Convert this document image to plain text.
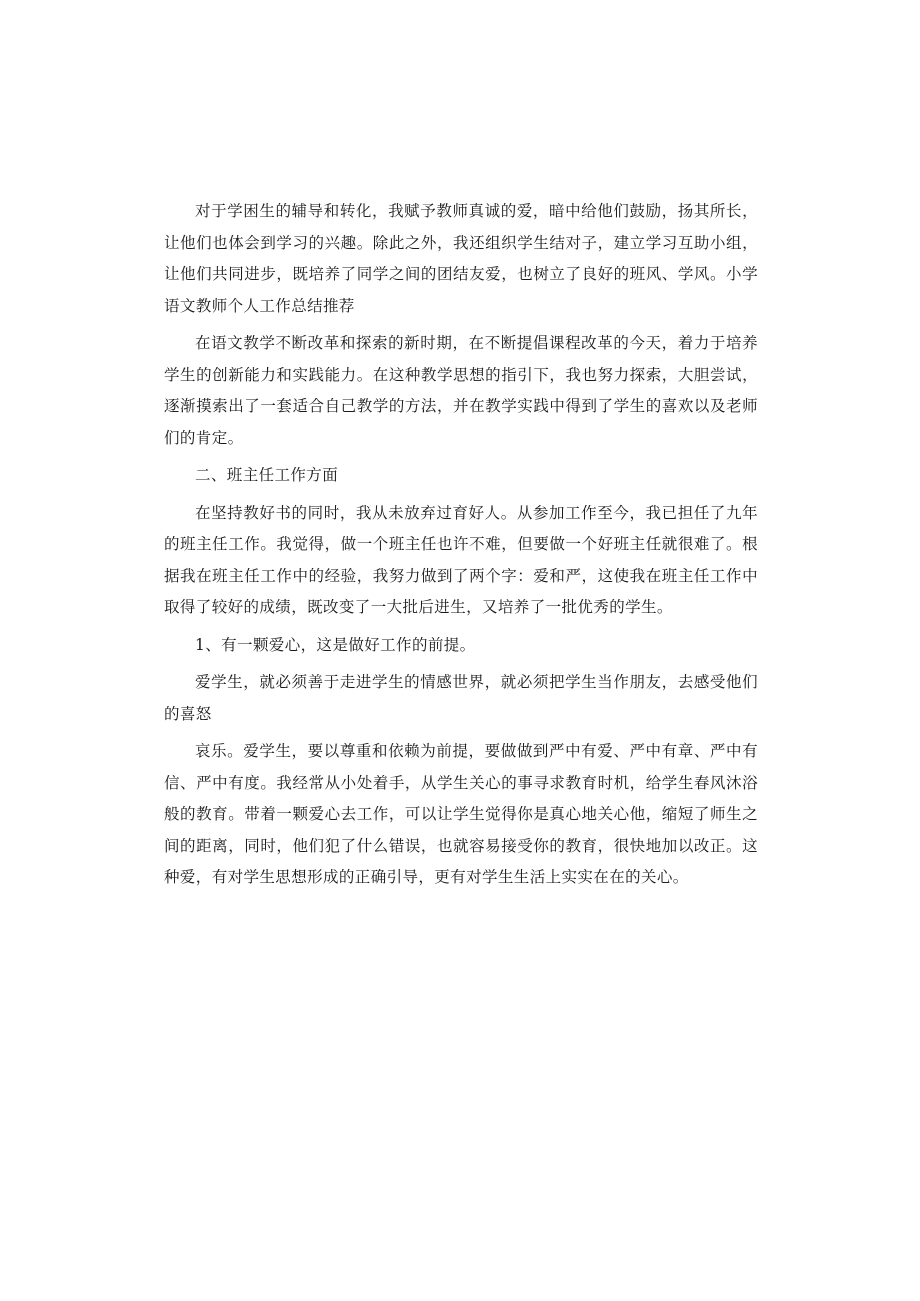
对于学困生的辅导和转化，我赋予教师真诚的爱，暗中给他们鼓励，扬其所长，让他们也体会到学习的兴趣。除此之外，我还组织学生结对子，建立学习互助小组，让他们共同进步，既培养了同学之间的团结友爱，也树立了良好的班风、学风。小学语文教师个人工作总结推荐

在语文教学不断改革和探索的新时期，在不断提倡课程改革的今天，着力于培养学生的创新能力和实践能力。在这种教学思想的指引下，我也努力探索，大胆尝试，逐渐摸索出了一套适合自己教学的方法，并在教学实践中得到了学生的喜欢以及老师们的肯定。

二、班主任工作方面

在坚持教好书的同时，我从未放弃过育好人。从参加工作至今，我已担任了九年的班主任工作。我觉得，做一个班主任也许不难，但要做一个好班主任就很难了。根据我在班主任工作中的经验，我努力做到了两个字：爱和严，这使我在班主任工作中取得了较好的成绩，既改变了一大批后进生，又培养了一批优秀的学生。

1、有一颗爱心，这是做好工作的前提。

爱学生，就必须善于走进学生的情感世界，就必须把学生当作朋友，去感受他们的喜怒

哀乐。爱学生，要以尊重和依赖为前提，要做做到严中有爱、严中有章、严中有信、严中有度。我经常从小处着手，从学生关心的事寻求教育时机，给学生春风沐浴般的教育。带着一颗爱心去工作，可以让学生觉得你是真心地关心他，缩短了师生之间的距离，同时，他们犯了什么错误，也就容易接受你的教育，很快地加以改正。这种爱，有对学生思想形成的正确引导，更有对学生生活上实实在在的关心。
